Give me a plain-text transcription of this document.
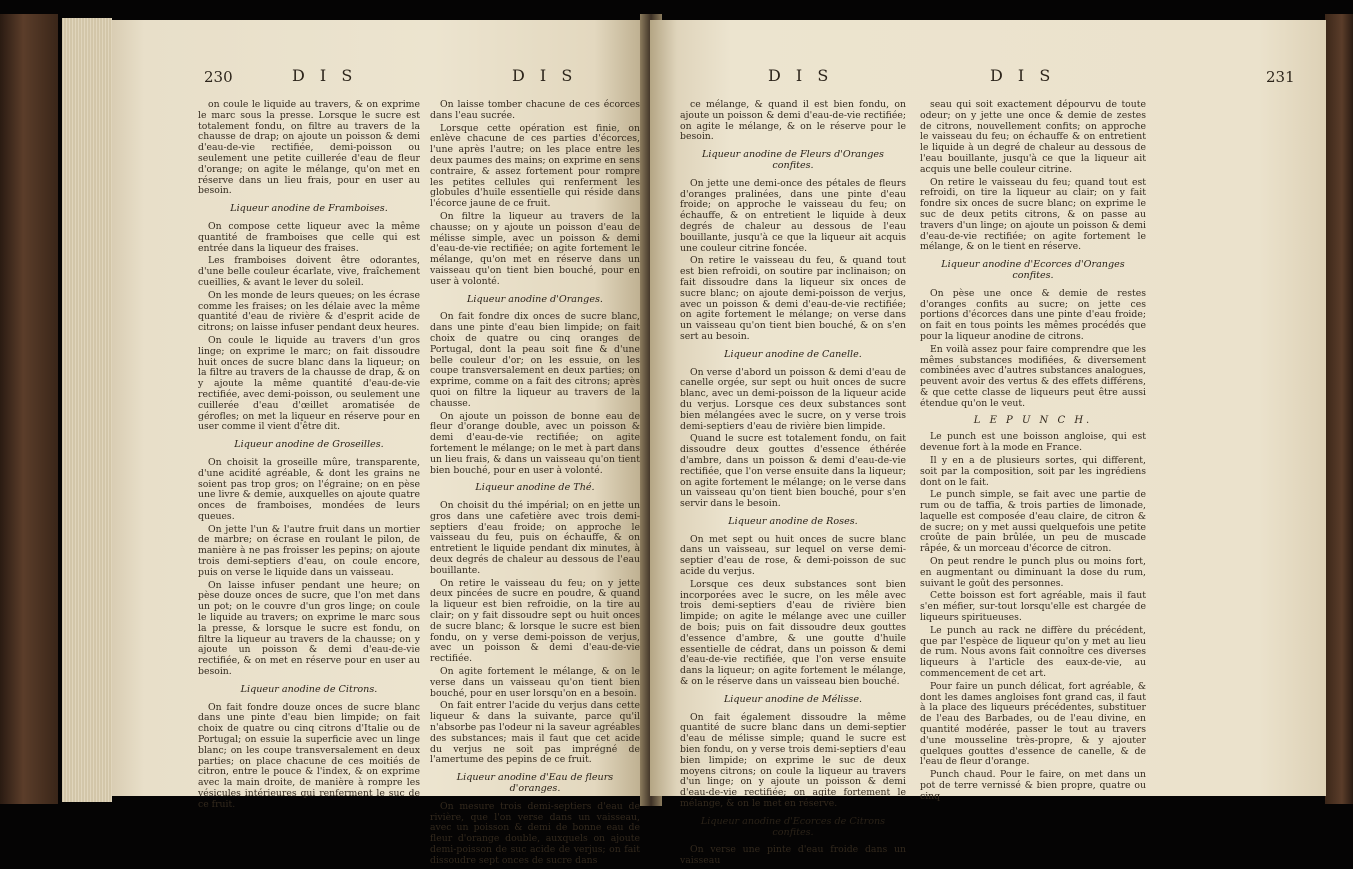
230	D I S	D I S

on coule le liquide au travers, & on exprime le marc sous la presse. Lorsque le sucre est totalement fondu, on filtre au travers de la chausse de drap; on ajoute un poisson & demi d'eau-de-vie rectifiée, demi-poisson ou seulement une petite cuillerée d'eau de fleur d'orange; on agite le mélange, qu'on met en réserve dans un lieu frais, pour en user au besoin.

Liqueur anodine de Framboises.

On compose cette liqueur avec la même quantité de framboises que celle qui est entrée dans la liqueur des fraises.

Les framboises doivent être odorantes, d'une belle couleur écarlate, vive, fraîchement cueillies, & avant le lever du soleil.

On les monde de leurs queues; on les écrase comme les fraises; on les délaie avec la même quantité d'eau de rivière & d'esprit acide de citrons; on laisse infuser pendant deux heures.

On coule le liquide au travers d'un gros linge; on exprime le marc; on fait dissoudre huit onces de sucre blanc dans la liqueur; on la filtre au travers de la chausse de drap, & on y ajoute la même quantité d'eau-de-vie rectifiée, avec demi-poisson, ou seulement une cuillerée d'eau d'œillet aromatisée de gérofles; on met la liqueur en réserve pour en user comme il vient d'être dit.

Liqueur anodine de Groseilles.

On choisit la groseille mûre, transparente, d'une acidité agréable, & dont les grains ne soient pas trop gros; on l'égraine; on en pèse une livre & demie, auxquelles on ajoute quatre onces de framboises, mondées de leurs queues.

On jette l'un & l'autre fruit dans un mortier de marbre; on écrase en roulant le pilon, de manière à ne pas froisser les pepins; on ajoute trois demi-septiers d'eau, on coule encore, puis on verse le liquide dans un vaisseau.

On laisse infuser pendant une heure; on pèse douze onces de sucre, que l'on met dans un pot; on le couvre d'un gros linge; on coule le liquide au travers; on exprime le marc sous la presse, & lorsque le sucre est fondu, on filtre la liqueur au travers de la chausse; on y ajoute un poisson & demi d'eau-de-vie rectifiée, & on met en réserve pour en user au besoin.

Liqueur anodine de Citrons.

On fait fondre douze onces de sucre blanc dans une pinte d'eau bien limpide; on fait choix de quatre ou cinq citrons d'Italie ou de Portugal; on essuie la superficie avec un linge blanc; on les coupe transversalement en deux parties; on place chacune de ces moitiés de citron, entre le pouce & l'index, & on exprime avec la main droite, de manière à rompre les vésicules intérieures qui renferment le suc de ce fruit.

On laisse tomber chacune de ces écorces dans l'eau sucrée.

Lorsque cette opération est finie, on enlève chacune de ces parties d'écorces, l'une après l'autre; on les place entre les deux paumes des mains; on exprime en sens contraire, & assez fortement pour rompre les petites cellules qui renferment les globules d'huile essentielle qui réside dans l'écorce jaune de ce fruit.

On filtre la liqueur au travers de la chausse; on y ajoute un poisson d'eau de mélisse simple, avec un poisson & demi d'eau-de-vie rectifiée; on agite fortement le mélange, qu'on met en réserve dans un vaisseau qu'on tient bien bouché, pour en user à volonté.

Liqueur anodine d'Oranges.

On fait fondre dix onces de sucre blanc, dans une pinte d'eau bien limpide; on fait choix de quatre ou cinq oranges de Portugal, dont la peau soit fine & d'une belle couleur d'or; on les essuie, on les coupe transversalement en deux parties; on exprime, comme on a fait des citrons; après quoi on filtre la liqueur au travers de la chausse.

On ajoute un poisson de bonne eau de fleur d'orange double, avec un poisson & demi d'eau-de-vie rectifiée; on agite fortement le mélange; on le met à part dans un lieu frais, & dans un vaisseau qu'on tient bien bouché, pour en user à volonté.

Liqueur anodine de Thé.

On choisit du thé impérial; on en jette un gros dans une cafetière avec trois demi-septiers d'eau froide; on approche le vaisseau du feu, puis on échauffe, & on entretient le liquide pendant dix minutes, à deux degrés de chaleur au dessous de l'eau bouillante.

On retire le vaisseau du feu; on y jette deux pincées de sucre en poudre, & quand la liqueur est bien refroidie, on la tire au clair; on y fait dissoudre sept ou huit onces de sucre blanc; & lorsque le sucre est bien fondu, on y verse demi-poisson de verjus, avec un poisson & demi d'eau-de-vie rectifiée.

On agite fortement le mélange, & on le verse dans un vaisseau qu'on tient bien bouché, pour en user lorsqu'on en a besoin.

On fait entrer l'acide du verjus dans cette liqueur & dans la suivante, parce qu'il n'absorbe pas l'odeur ni la saveur agréables des substances; mais il faut que cet acide du verjus ne soit pas imprégné de l'amertume des pepins de ce fruit.

Liqueur anodine d'Eau de fleurs d'oranges.

On mesure trois demi-septiers d'eau de rivière, que l'on verse dans un vaisseau, avec un poisson & demi de bonne eau de fleur d'orange double, auxquels on ajoute demi-poisson de suc acide de verjus; on fait dissoudre sept onces de sucre dans

D I S	D I S	231

ce mélange, & quand il est bien fondu, on ajoute un poisson & demi d'eau-de-vie rectifiée; on agite le mélange, & on le réserve pour le besoin.

Liqueur anodine de Fleurs d'Oranges confites.

On jette une demi-once des pétales de fleurs d'oranges pralinées, dans une pinte d'eau froide; on approche le vaisseau du feu; on échauffe, & on entretient le liquide à deux degrés de chaleur au dessous de l'eau bouillante, jusqu'à ce que la liqueur ait acquis une couleur citrine foncée.

On retire le vaisseau du feu, & quand tout est bien refroidi, on soutire par inclinaison; on fait dissoudre dans la liqueur six onces de sucre blanc; on ajoute demi-poisson de verjus, avec un poisson & demi d'eau-de-vie rectifiée; on agite fortement le mélange; on verse dans un vaisseau qu'on tient bien bouché, & on s'en sert au besoin.

Liqueur anodine de Canelle.

On verse d'abord un poisson & demi d'eau de canelle orgée, sur sept ou huit onces de sucre blanc, avec un demi-poisson de la liqueur acide du verjus. Lorsque ces deux substances sont bien mélangées avec le sucre, on y verse trois demi-septiers d'eau de rivière bien limpide.

Quand le sucre est totalement fondu, on fait dissoudre deux gouttes d'essence éthérée d'ambre, dans un poisson & demi d'eau-de-vie rectifiée, que l'on verse ensuite dans la liqueur; on agite fortement le mélange; on le verse dans un vaisseau qu'on tient bien bouché, pour s'en servir dans le besoin.

Liqueur anodine de Roses.

On met sept ou huit onces de sucre blanc dans un vaisseau, sur lequel on verse demi-septier d'eau de rose, & demi-poisson de suc acide du verjus.

Lorsque ces deux substances sont bien incorporées avec le sucre, on les mêle avec trois demi-septiers d'eau de rivière bien limpide; on agite le mélange avec une cuiller de bois; puis on fait dissoudre deux gouttes d'essence d'ambre, & une goutte d'huile essentielle de cédrat, dans un poisson & demi d'eau-de-vie rectifiée, que l'on verse ensuite dans la liqueur; on agite fortement le mélange, & on le réserve dans un vaisseau bien bouché.

Liqueur anodine de Mélisse.

On fait également dissoudre la même quantité de sucre blanc dans un demi-septier d'eau de mélisse simple; quand le sucre est bien fondu, on y verse trois demi-septiers d'eau bien limpide; on exprime le suc de deux moyens citrons; on coule la liqueur au travers d'un linge; on y ajoute un poisson & demi d'eau-de-vie rectifiée; on agite fortement le mélange, & on le met en réserve.

Liqueur anodine d'Ecorces de Citrons confites.

On verse une pinte d'eau froide dans un vaisseau

seau qui soit exactement dépourvu de toute odeur; on y jette une once & demie de zestes de citrons, nouvellement confits; on approche le vaisseau du feu; on échauffe & on entretient le liquide à un degré de chaleur au dessous de l'eau bouillante, jusqu'à ce que la liqueur ait acquis une belle couleur citrine.

On retire le vaisseau du feu; quand tout est refroidi, on tire la liqueur au clair; on y fait fondre six onces de sucre blanc; on exprime le suc de deux petits citrons, & on passe au travers d'un linge; on ajoute un poisson & demi d'eau-de-vie rectifiée; on agite fortement le mélange, & on le tient en réserve.

Liqueur anodine d'Ecorces d'Oranges confites.

On pèse une once & demie de restes d'oranges confits au sucre; on jette ces portions d'écorces dans une pinte d'eau froide; on fait en tous points les mêmes procédés que pour la liqueur anodine de citrons.

En voilà assez pour faire comprendre que les mêmes substances modifiées, & diversement combinées avec d'autres substances analogues, peuvent avoir des vertus & des effets différens, & que cette classe de liqueurs peut être aussi étendue qu'on le veut.

L E P U N C H.

Le punch est une boisson angloise, qui est devenue fort à la mode en France.

Il y en a de plusieurs sortes, qui different, soit par la composition, soit par les ingrédiens dont on le fait.

Le punch simple, se fait avec une partie de rum ou de taffia, & trois parties de limonade, laquelle est composée d'eau claire, de citron & de sucre; on y met aussi quelquefois une petite croûte de pain brûlée, un peu de muscade râpée, & un morceau d'écorce de citron.

On peut rendre le punch plus ou moins fort, en augmentant ou diminuant la dose du rum, suivant le goût des personnes.

Cette boisson est fort agréable, mais il faut s'en méfier, sur-tout lorsqu'elle est chargée de liqueurs spiritueuses.

Le punch au rack ne diffère du précédent, que par l'espèce de liqueur qu'on y met au lieu de rum. Nous avons fait connoître ces diverses liqueurs à l'article des eaux-de-vie, au commencement de cet art.

Pour faire un punch délicat, fort agréable, & dont les dames angloises font grand cas, il faut à la place des liqueurs précédentes, substituer de l'eau des Barbades, ou de l'eau divine, en quantité modérée, passer le tout au travers d'une mousseline très-propre, & y ajouter quelques gouttes d'essence de canelle, & de l'eau de fleur d'orange.

Punch chaud. Pour le faire, on met dans un pot de terre vernissé & bien propre, quatre ou cinq
